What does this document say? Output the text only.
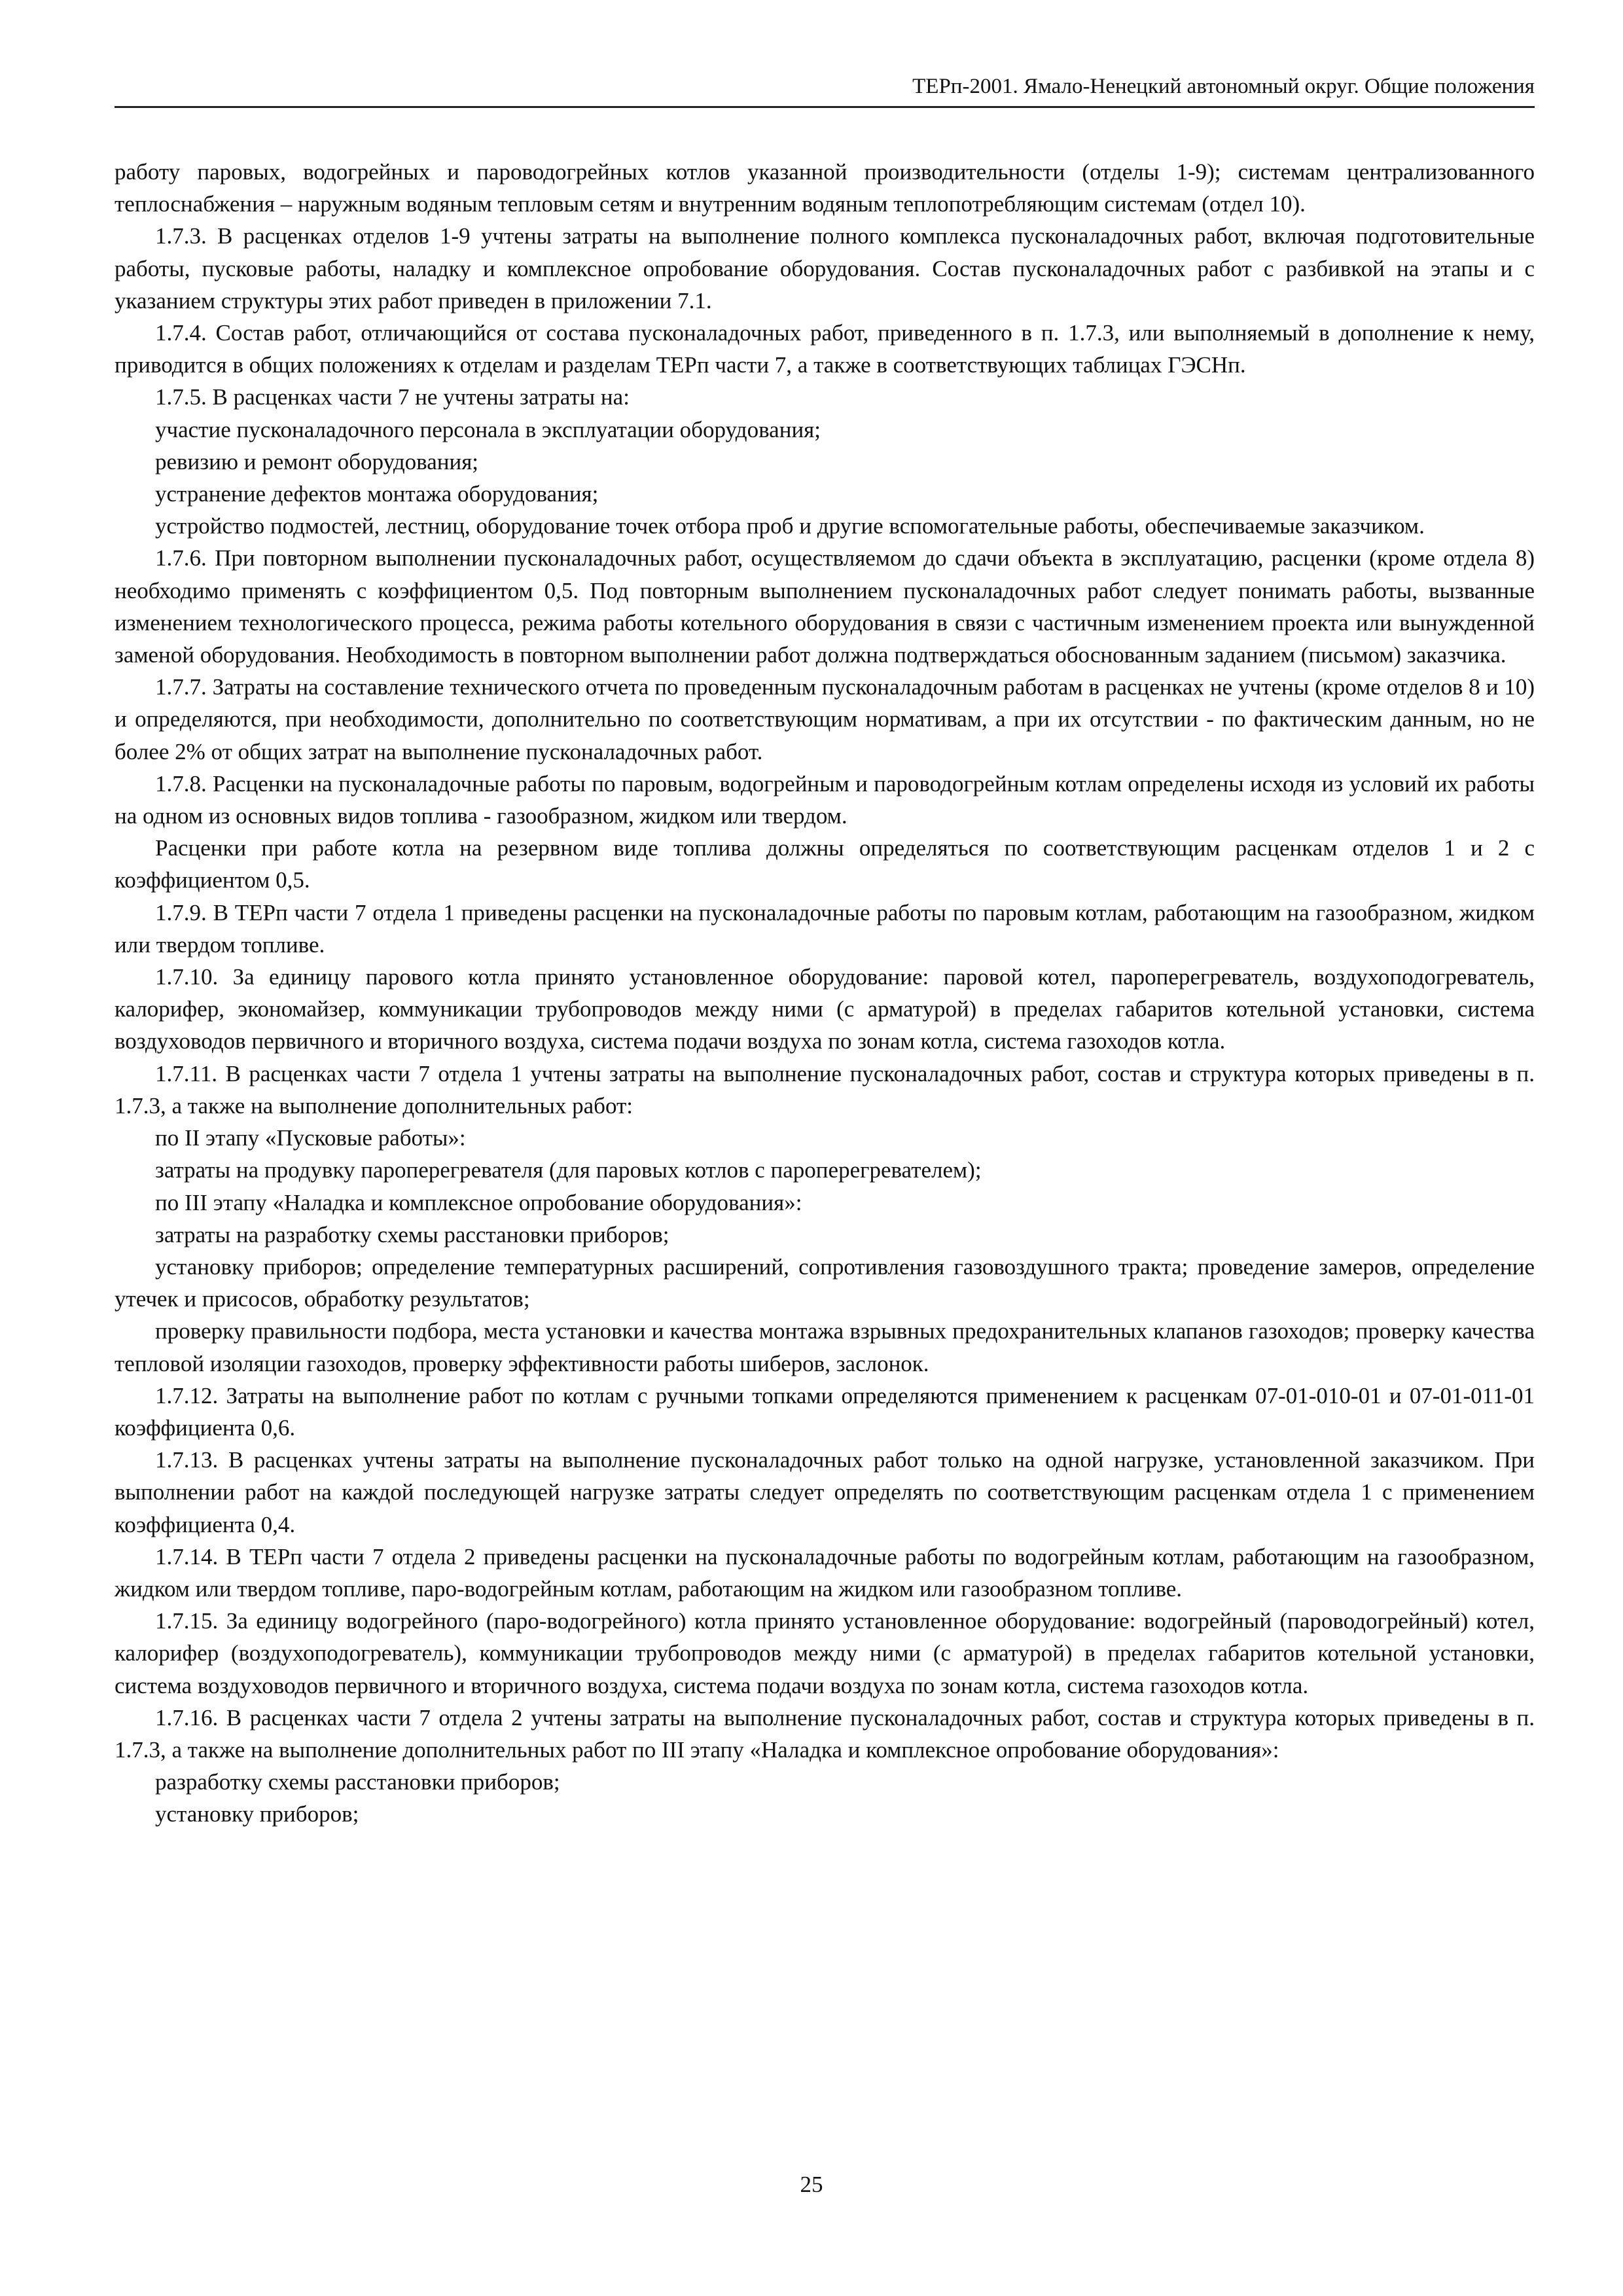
ТЕРп-2001. Ямало-Ненецкий автономный округ. Общие положения

работу паровых, водогрейных и пароводогрейных котлов указанной производительности (отделы 1-9); системам централизованного теплоснабжения – наружным водяным тепловым сетям и внутренним водяным теплопотребляющим системам (отдел 10).

1.7.3. В расценках отделов 1-9 учтены затраты на выполнение полного комплекса пусконаладочных работ, включая подготовительные работы, пусковые работы, наладку и комплексное опробование оборудования. Состав пусконаладочных работ с разбивкой на этапы и с указанием структуры этих работ приведен в приложении 7.1.

1.7.4. Состав работ, отличающийся от состава пусконаладочных работ, приведенного в п. 1.7.3, или выполняемый в дополнение к нему, приводится в общих положениях к отделам и разделам ТЕРп части 7, а также в соответствующих таблицах ГЭСНп.

1.7.5. В расценках части 7 не учтены затраты на:

участие пусконаладочного персонала в эксплуатации оборудования;

ревизию и ремонт оборудования;

устранение дефектов монтажа оборудования;

устройство подмостей, лестниц, оборудование точек отбора проб и другие вспомогательные работы, обеспечиваемые заказчиком.

1.7.6. При повторном выполнении пусконаладочных работ, осуществляемом до сдачи объекта в эксплуатацию, расценки (кроме отдела 8) необходимо применять с коэффициентом 0,5. Под повторным выполнением пусконаладочных работ следует понимать работы, вызванные изменением технологического процесса, режима работы котельного оборудования в связи с частичным изменением проекта или вынужденной заменой оборудования. Необходимость в повторном выполнении работ должна подтверждаться обоснованным заданием (письмом) заказчика.

1.7.7. Затраты на составление технического отчета по проведенным пусконаладочным работам в расценках не учтены (кроме отделов 8 и 10) и определяются, при необходимости, дополнительно по соответствующим нормативам, а при их отсутствии - по фактическим данным, но не более 2% от общих затрат на выполнение пусконаладочных работ.

1.7.8. Расценки на пусконаладочные работы по паровым, водогрейным и пароводогрейным котлам определены исходя из условий их работы на одном из основных видов топлива - газообразном, жидком или твердом.

Расценки при работе котла на резервном виде топлива должны определяться по соответствующим расценкам отделов 1 и 2 с коэффициентом 0,5.

1.7.9. В ТЕРп части 7 отдела 1 приведены расценки на пусконаладочные работы по паровым котлам, работающим на газообразном, жидком или твердом топливе.

1.7.10. За единицу парового котла принято установленное оборудование: паровой котел, пароперегреватель, воздухоподогреватель, калорифер, экономайзер, коммуникации трубопроводов между ними (с арматурой) в пределах габаритов котельной установки, система воздуховодов первичного и вторичного воздуха, система подачи воздуха по зонам котла, система газоходов котла.

1.7.11. В расценках части 7 отдела 1 учтены затраты на выполнение пусконаладочных работ, состав и структура которых приведены в п. 1.7.3, а также на выполнение дополнительных работ:

по II этапу «Пусковые работы»:

затраты на продувку пароперегревателя (для паровых котлов с пароперегревателем);

по III этапу «Наладка и комплексное опробование оборудования»:

затраты на разработку схемы расстановки приборов;

установку приборов; определение температурных расширений, сопротивления газовоздушного тракта; проведение замеров, определение утечек и присосов, обработку результатов;

проверку правильности подбора, места установки и качества монтажа взрывных предохранительных клапанов газоходов; проверку качества тепловой изоляции газоходов, проверку эффективности работы шиберов, заслонок.

1.7.12. Затраты на выполнение работ по котлам с ручными топками определяются применением к расценкам 07-01-010-01 и 07-01-011-01 коэффициента 0,6.

1.7.13. В расценках учтены затраты на выполнение пусконаладочных работ только на одной нагрузке, установленной заказчиком. При выполнении работ на каждой последующей нагрузке затраты следует определять по соответствующим расценкам отдела 1 с применением коэффициента 0,4.

1.7.14. В ТЕРп части 7 отдела 2 приведены расценки на пусконаладочные работы по водогрейным котлам, работающим на газообразном, жидком или твердом топливе, паро-водогрейным котлам, работающим на жидком или газообразном топливе.

1.7.15. За единицу водогрейного (паро-водогрейного) котла принято установленное оборудование: водогрейный (пароводогрейный) котел, калорифер (воздухоподогреватель), коммуникации трубопроводов между ними (с арматурой) в пределах габаритов котельной установки, система воздуховодов первичного и вторичного воздуха, система подачи воздуха по зонам котла, система газоходов котла.

1.7.16. В расценках части 7 отдела 2 учтены затраты на выполнение пусконаладочных работ, состав и структура которых приведены в п. 1.7.3, а также на выполнение дополнительных работ по III этапу «Наладка и комплексное опробование оборудования»:

разработку схемы расстановки приборов;

установку приборов;

25
